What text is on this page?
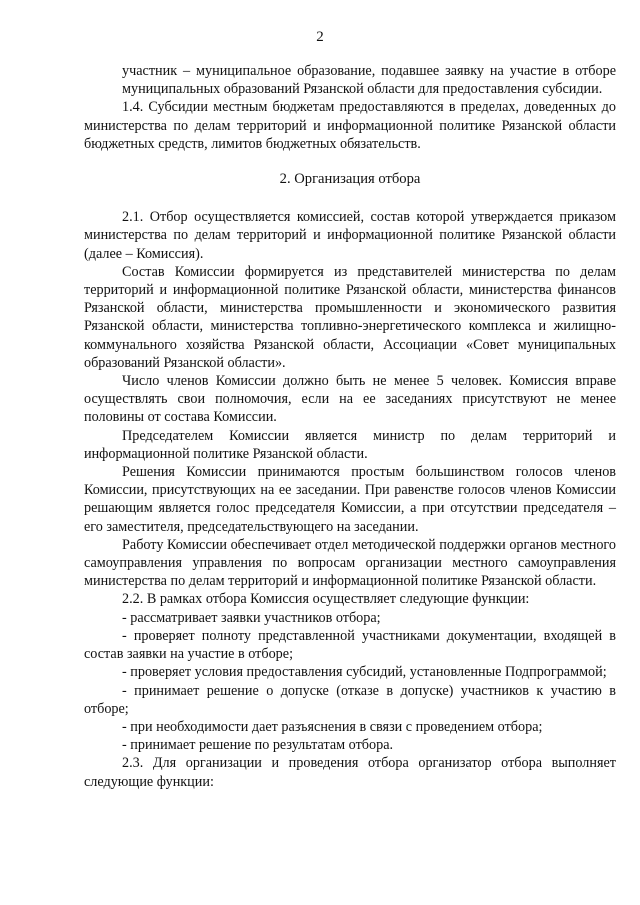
2

участник – муниципальное образование, подавшее заявку на участие в отборе муниципальных образований Рязанской области для предоставления субсидии.

1.4. Субсидии местным бюджетам предоставляются в пределах, доведенных до министерства по делам территорий и информационной политике Рязанской области бюджетных средств, лимитов бюджетных обязательств.

2. Организация отбора

2.1. Отбор осуществляется комиссией, состав которой утверждается приказом министерства по делам территорий и информационной политике Рязанской области (далее – Комиссия).

Состав Комиссии формируется из представителей министерства по делам территорий и информационной политике Рязанской области, министерства финансов Рязанской области, министерства промышленности и экономического развития Рязанской области, министерства топливно-энергетического комплекса и жилищно-коммунального хозяйства Рязанской области, Ассоциации «Совет муниципальных образований Рязанской области».

Число членов Комиссии должно быть не менее 5 человек. Комиссия вправе осуществлять свои полномочия, если на ее заседаниях присутствуют не менее половины от состава Комиссии.

Председателем Комиссии является министр по делам территорий и информационной политике Рязанской области.

Решения Комиссии принимаются простым большинством голосов членов Комиссии, присутствующих на ее заседании. При равенстве голосов членов Комиссии решающим является голос председателя Комиссии, а при отсутствии председателя – его заместителя, председательствующего на заседании.

Работу Комиссии обеспечивает отдел методической поддержки органов местного самоуправления управления по вопросам организации местного самоуправления министерства по делам территорий и информационной политике Рязанской области.

2.2. В рамках отбора Комиссия осуществляет следующие функции:

- рассматривает заявки участников отбора;

- проверяет полноту представленной участниками документации, входящей в состав заявки на участие в отборе;

- проверяет условия предоставления субсидий, установленные Подпрограммой;

- принимает решение о допуске (отказе в допуске) участников к участию в отборе;

- при необходимости дает разъяснения в связи с проведением отбора;

- принимает решение по результатам отбора.

2.3. Для организации и проведения отбора организатор отбора выполняет следующие функции:
